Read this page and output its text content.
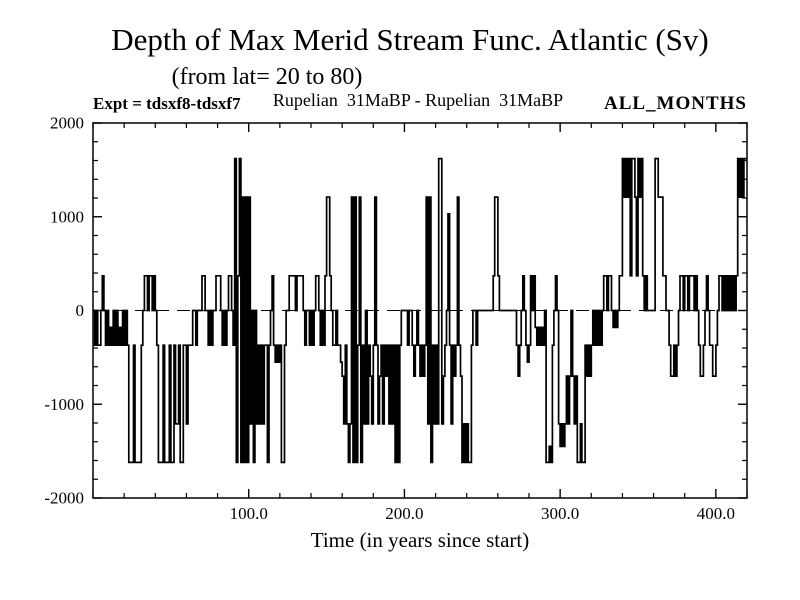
Depth of Max Merid Stream Func. Atlantic (Sv)
(from lat= 20 to 80)
Expt = tdsxf8-tdsxf7	Rupelian  31MaBP - Rupelian  31MaBP	ALL_MONTHS
2000
1000
0
-1000
-2000
100.0	200.0	300.0	400.0
Time (in years since start)
